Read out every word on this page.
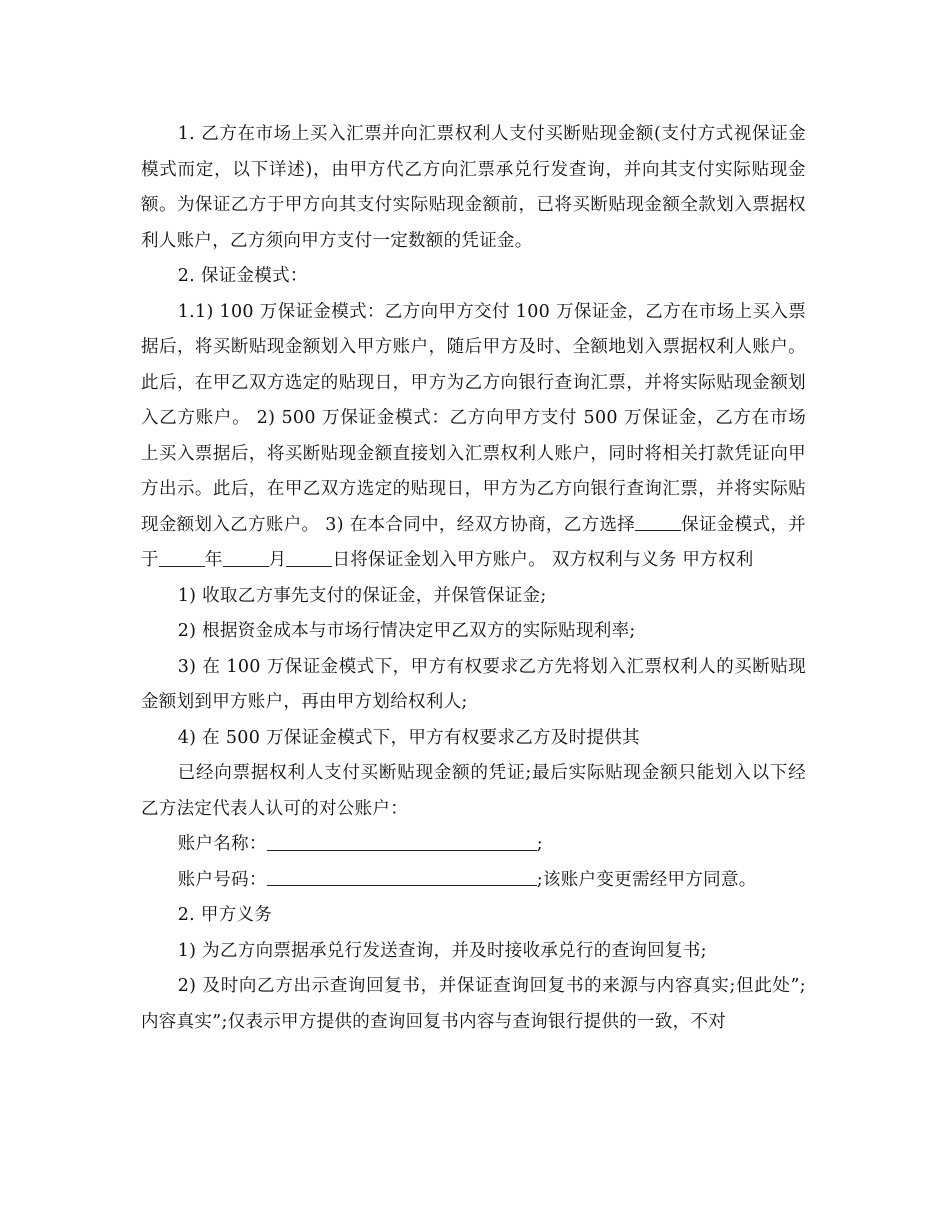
1. 乙方在市场上买入汇票并向汇票权利人支付买断贴现金额(支付方式视保证金模式而定，以下详述)，由甲方代乙方向汇票承兑行发查询，并向其支付实际贴现金额。为保证乙方于甲方向其支付实际贴现金额前，已将买断贴现金额全款划入票据权利人账户，乙方须向甲方支付一定数额的凭证金。

2. 保证金模式：

1.1) 100 万保证金模式：乙方向甲方交付 100 万保证金，乙方在市场上买入票据后，将买断贴现金额划入甲方账户，随后甲方及时、全额地划入票据权利人账户。此后，在甲乙双方选定的贴现日，甲方为乙方向银行查询汇票，并将实际贴现金额划入乙方账户。 2) 500 万保证金模式：乙方向甲方支付 500 万保证金，乙方在市场上买入票据后，将买断贴现金额直接划入汇票权利人账户，同时将相关打款凭证向甲方出示。此后，在甲乙双方选定的贴现日，甲方为乙方向银行查询汇票，并将实际贴现金额划入乙方账户。 3) 在本合同中，经双方协商，乙方选择	保证金模式，并于	年	月	日将保证金划入甲方账户。 双方权利与义务 甲方权利

1) 收取乙方事先支付的保证金，并保管保证金;

2) 根据资金成本与市场行情决定甲乙双方的实际贴现利率;

3) 在 100 万保证金模式下，甲方有权要求乙方先将划入汇票权利人的买断贴现金额划到甲方账户，再由甲方划给权利人;

4) 在 500 万保证金模式下，甲方有权要求乙方及时提供其

已经向票据权利人支付买断贴现金额的凭证;最后实际贴现金额只能划入以下经乙方法定代表人认可的对公账户：

账户名称：	;

账户号码：	;该账户变更需经甲方同意。

2. 甲方义务

1) 为乙方向票据承兑行发送查询，并及时接收承兑行的查询回复书;

2) 及时向乙方出示查询回复书，并保证查询回复书的来源与内容真实;但此处”;内容真实”;仅表示甲方提供的查询回复书内容与查询银行提供的一致，不对
